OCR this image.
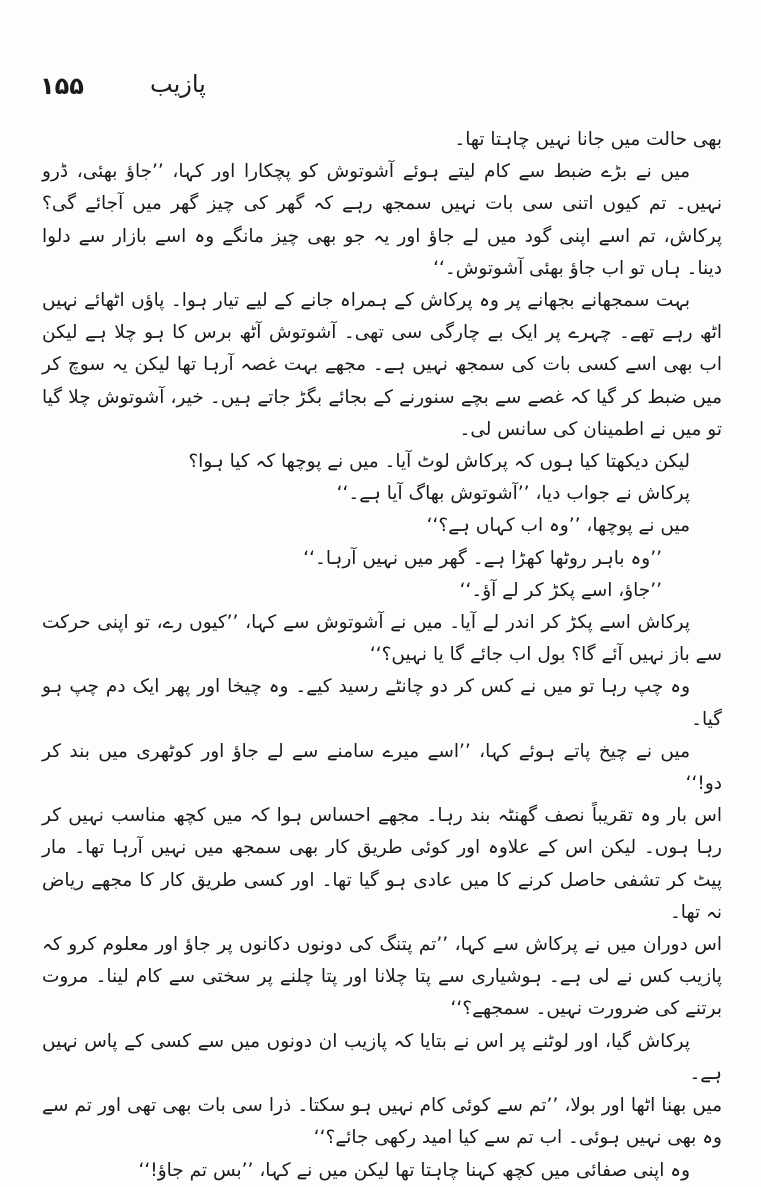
۱۵۵	پازیب

بھی حالت میں جانا نہیں چاہتا تھا۔

میں نے بڑے ضبط سے کام لیتے ہوئے آشوتوش کو پچکارا اور کہا، ’’جاؤ بھئی، ڈرو نہیں۔ تم کیوں اتنی سی بات نہیں سمجھ رہے کہ گھر کی چیز گھر میں آجائے گی؟ پرکاش، تم اسے اپنی گود میں لے جاؤ اور یہ جو بھی چیز مانگے وہ اسے بازار سے دلوا دینا۔ ہاں تو اب جاؤ بھئی آشوتوش۔‘‘

بہت سمجھانے بجھانے پر وہ پرکاش کے ہمراہ جانے کے لیے تیار ہوا۔ پاؤں اٹھائے نہیں اٹھ رہے تھے۔ چہرے پر ایک بے چارگی سی تھی۔ آشوتوش آٹھ برس کا ہو چلا ہے لیکن اب بھی اسے کسی بات کی سمجھ نہیں ہے۔ مجھے بہت غصہ آرہا تھا لیکن یہ سوچ کر میں ضبط کر گیا کہ غصے سے بچے سنورنے کے بجائے بگڑ جاتے ہیں۔ خیر، آشوتوش چلا گیا تو میں نے اطمینان کی سانس لی۔

لیکن دیکھتا کیا ہوں کہ پرکاش لوٹ آیا۔ میں نے پوچھا کہ کیا ہوا؟

پرکاش نے جواب دیا، ’’آشوتوش بھاگ آیا ہے۔‘‘

میں نے پوچھا، ’’وہ اب کہاں ہے؟‘‘

’’وہ باہر روٹھا کھڑا ہے۔ گھر میں نہیں آرہا۔‘‘

’’جاؤ، اسے پکڑ کر لے آؤ۔‘‘

پرکاش اسے پکڑ کر اندر لے آیا۔ میں نے آشوتوش سے کہا، ’’کیوں رے، تو اپنی حرکت سے باز نہیں آئے گا؟ بول اب جائے گا یا نہیں؟‘‘

وہ چپ رہا تو میں نے کس کر دو چانٹے رسید کیے۔ وہ چیخا اور پھر ایک دم چپ ہو گیا۔

میں نے چیخ پاتے ہوئے کہا، ’’اسے میرے سامنے سے لے جاؤ اور کوٹھری میں بند کر دو!‘‘

اس بار وہ تقریباً نصف گھنٹہ بند رہا۔ مجھے احساس ہوا کہ میں کچھ مناسب نہیں کر رہا ہوں۔ لیکن اس کے علاوہ اور کوئی طریق کار بھی سمجھ میں نہیں آرہا تھا۔ مار پیٹ کر تشفی حاصل کرنے کا میں عادی ہو گیا تھا۔ اور کسی طریق کار کا مجھے ریاض نہ تھا۔

اس دوران میں نے پرکاش سے کہا، ’’تم پتنگ کی دونوں دکانوں پر جاؤ اور معلوم کرو کہ پازیب کس نے لی ہے۔ ہوشیاری سے پتا چلانا اور پتا چلنے پر سختی سے کام لینا۔ مروت برتنے کی ضرورت نہیں۔ سمجھے؟‘‘

پرکاش گیا، اور لوٹنے پر اس نے بتایا کہ پازیب ان دونوں میں سے کسی کے پاس نہیں ہے۔

میں بھنا اٹھا اور بولا، ’’تم سے کوئی کام نہیں ہو سکتا۔ ذرا سی بات بھی تھی اور تم سے وہ بھی نہیں ہوئی۔ اب تم سے کیا امید رکھی جائے؟‘‘

وہ اپنی صفائی میں کچھ کہنا چاہتا تھا لیکن میں نے کہا، ’’بس تم جاؤ!‘‘
